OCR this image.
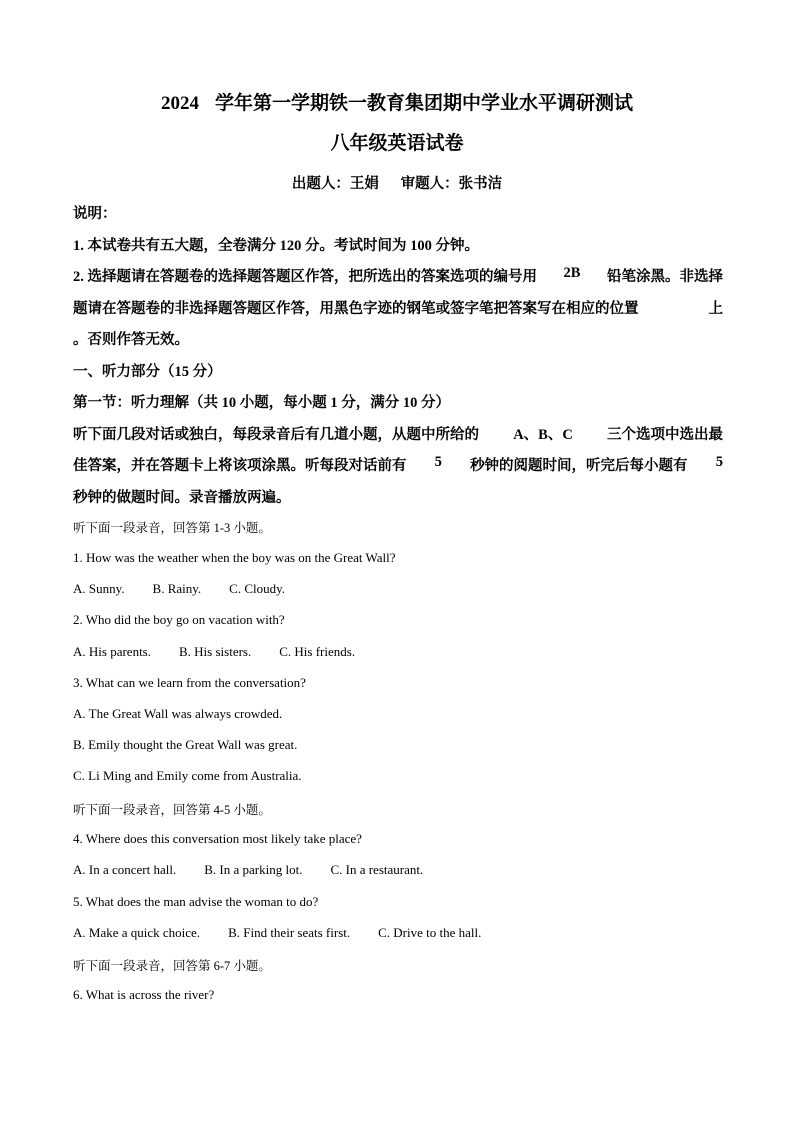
2024 学年第一学期铁一教育集团期中学业水平调研测试
八年级英语试卷
出题人：王娟      审题人：张书洁
说明：
1. 本试卷共有五大题，全卷满分 120 分。考试时间为 100 分钟。
2. 选择题请在答题卷的选择题答题区作答，把所选出的答案选项的编号用 2B 铅笔涂黑。非选择
题请在答题卷的非选择题答题区作答，用黑色字迹的钢笔或签字笔把答案写在相应的位置	上
。否则作答无效。
一、听力部分（15 分）
第一节：听力理解（共 10 小题，每小题 1 分，满分 10 分）
听下面几段对话或独白，每段录音后有几道小题，从题中所给的 A、B、C 三个选项中选出最
佳答案，并在答题卡上将该项涂黑。听每段对话前有 5 秒钟的阅题时间，听完后每小题有 5
秒钟的做题时间。录音播放两遍。
听下面一段录音，回答第 1-3 小题。
1. How was the weather when the boy was on the Great Wall?
A. Sunny. B. Rainy. C. Cloudy.
2. Who did the boy go on vacation with?
A. His parents. B. His sisters. C. His friends.
3. What can we learn from the conversation?
A. The Great Wall was always crowded.
B. Emily thought the Great Wall was great.
C. Li Ming and Emily come from Australia.
听下面一段录音，回答第 4-5 小题。
4. Where does this conversation most likely take place?
A. In a concert hall. B. In a parking lot. C. In a restaurant.
5. What does the man advise the woman to do?
A. Make a quick choice. B. Find their seats first. C. Drive to the hall.
听下面一段录音，回答第 6-7 小题。
6. What is across the river?
